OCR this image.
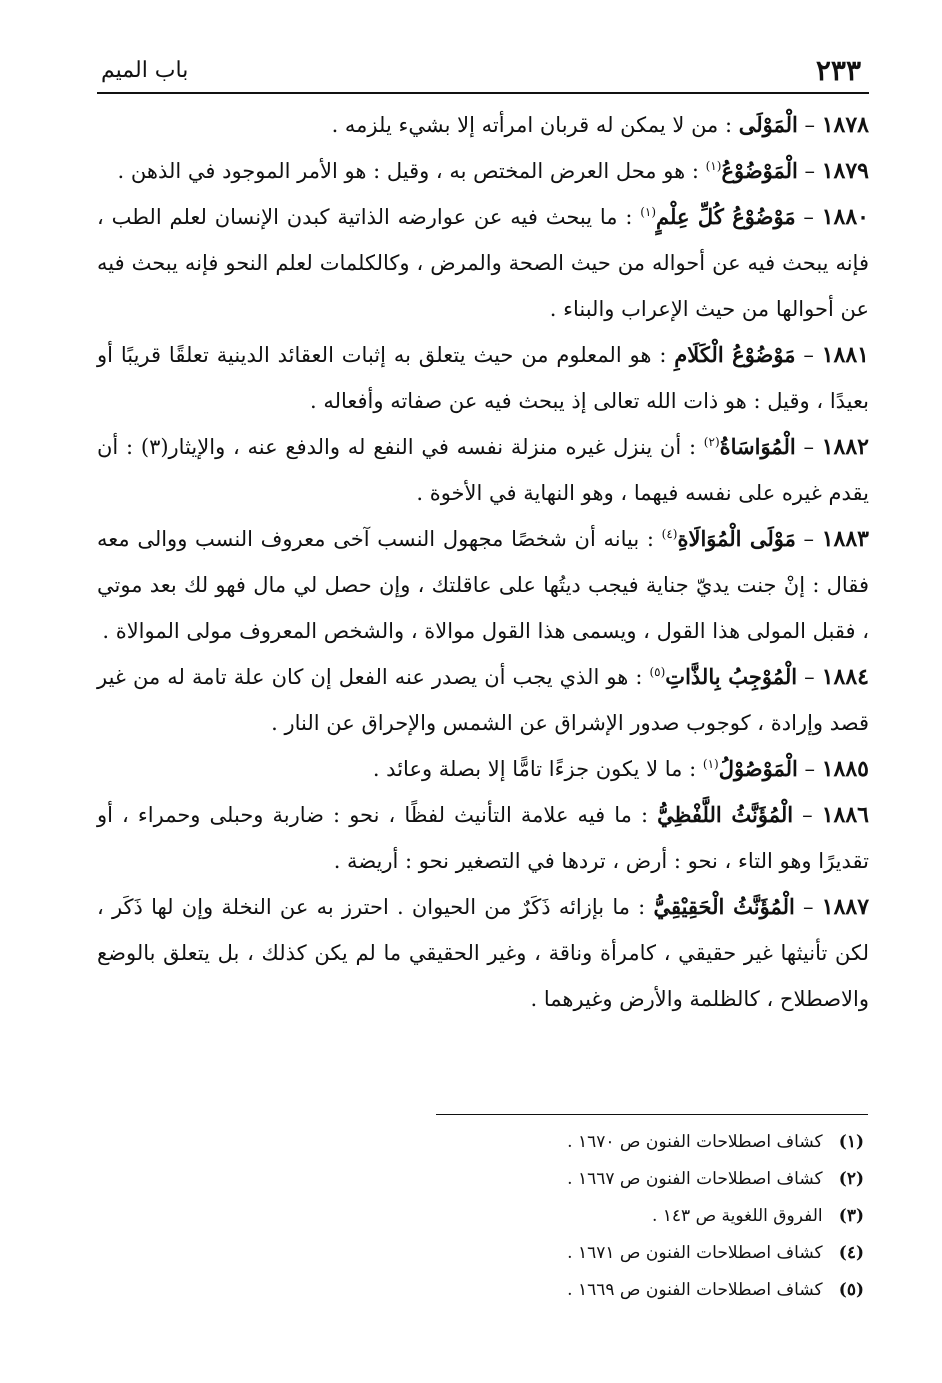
٢٣٣
باب الميم

١٨٧٨ – الْمَوْلَى : من لا يمكن له قربان امرأته إلا بشيء يلزمه .

١٨٧٩ – الْمَوْضُوْعُ$^{(١)}$ : هو محل العرض المختص به ، وقيل : هو الأمر الموجود في الذهن .

١٨٨٠ – مَوْضُوْعُ كُلِّ عِلْمٍ$^{(١)}$ : ما يبحث فيه عن عوارضه الذاتية كبدن الإنسان لعلم الطب ، فإنه يبحث فيه عن أحواله من حيث الصحة والمرض ، وكالكلمات لعلم النحو فإنه يبحث فيه عن أحوالها من حيث الإعراب والبناء .

١٨٨١ – مَوْضُوْعُ الْكَلَامِ : هو المعلوم من حيث يتعلق به إثبات العقائد الدينية تعلقًا قريبًا أو بعيدًا ، وقيل : هو ذات الله تعالى إذ يبحث فيه عن صفاته وأفعاله .

١٨٨٢ – الْمُوَاسَاةُ$^{(٢)}$ : أن ينزل غيره منزلة نفسه في النفع له والدفع عنه ، والإيثار(٣) : أن يقدم غيره على نفسه فيهما ، وهو النهاية في الأخوة .

١٨٨٣ – مَوْلَى الْمُوَالَاةِ$^{(٤)}$ : بيانه أن شخصًا مجهول النسب آخى معروف النسب ووالى معه فقال : إنْ جنت يديّ جناية فيجب ديتُها على عاقلتك ، وإن حصل لي مال فهو لك بعد موتي ، فقبل المولى هذا القول ، ويسمى هذا القول موالاة ، والشخص المعروف مولى الموالاة .

١٨٨٤ – الْمُوْجِبُ بِالذَّاتِ$^{(٥)}$ : هو الذي يجب أن يصدر عنه الفعل إن كان علة تامة له من غير قصد وإرادة ، كوجوب صدور الإشراق عن الشمس والإحراق عن النار .

١٨٨٥ – الْمَوْصُوْلُ$^{(١)}$ : ما لا يكون جزءًا تامًّا إلا بصلة وعائد .

١٨٨٦ – الْمُؤَنَّثُ اللَّفْظِيُّ : ما فيه علامة التأنيث لفظًا ، نحو : ضاربة وحبلى وحمراء ، أو تقديرًا وهو التاء ، نحو : أرض ، تردها في التصغير نحو : أريضة .

١٨٨٧ – الْمُؤَنَّثُ الْحَقِيْقِيُّ : ما بإزائه ذَكَرٌ من الحيوان . احترز به عن النخلة وإن لها ذَكَر ، لكن تأنيثها غير حقيقي ، كامرأة وناقة ، وغير الحقيقي ما لم يكن كذلك ، بل يتعلق بالوضع والاصطلاح ، كالظلمة والأرض وغيرهما .

(١) كشاف اصطلاحات الفنون ص ١٦٧٠ .
(٢) كشاف اصطلاحات الفنون ص ١٦٦٧ .
(٣) الفروق اللغوية ص ١٤٣ .
(٤) كشاف اصطلاحات الفنون ص ١٦٧١ .
(٥) كشاف اصطلاحات الفنون ص ١٦٦٩ .
